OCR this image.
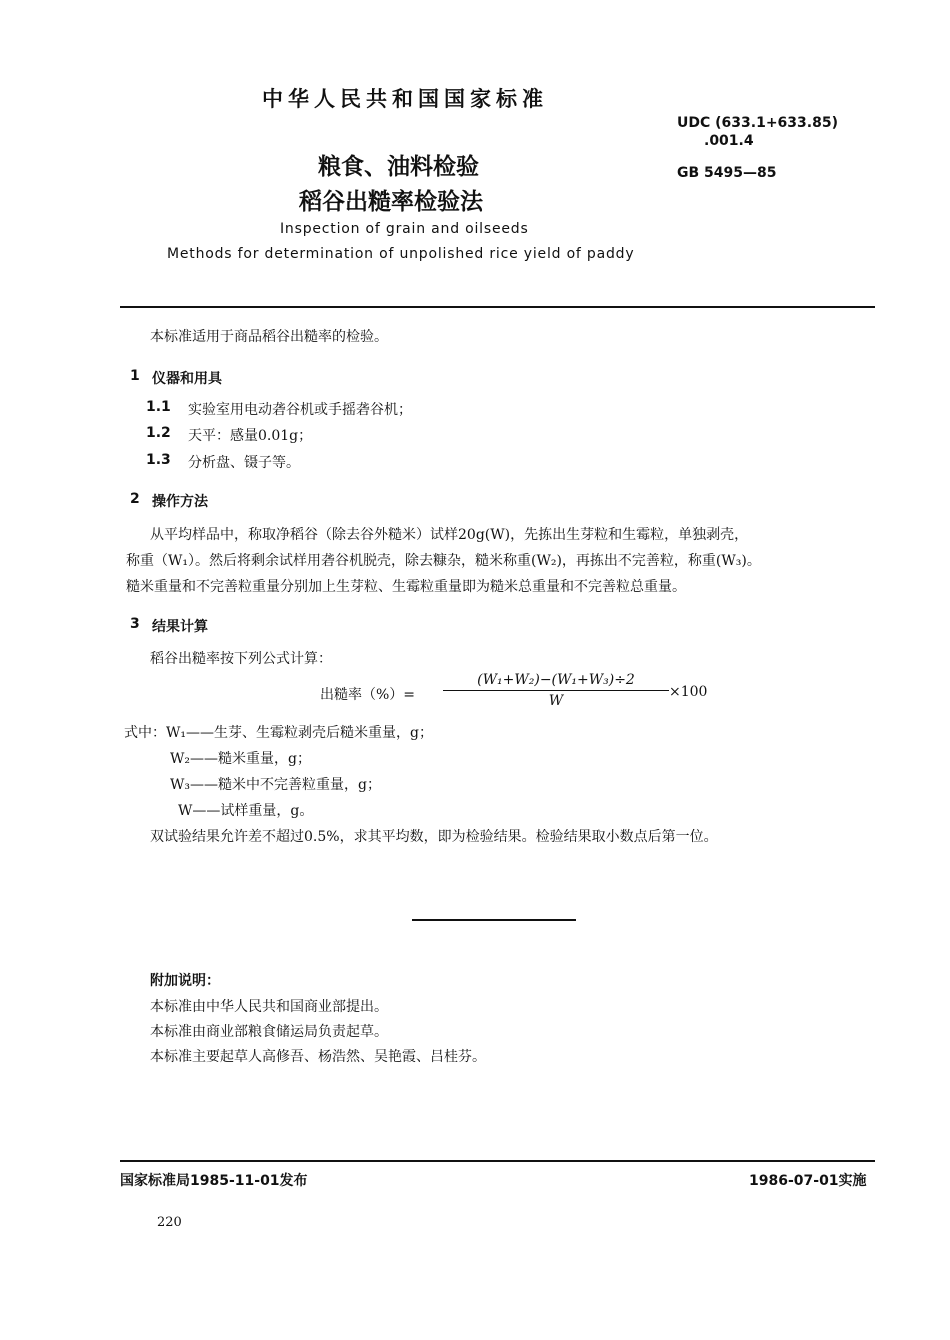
中华人民共和国国家标准
UDC (633.1+633.85)
.001.4
GB 5495—85
粮食、油料检验
稻谷出糙率检验法
Inspection of grain and oilseeds
Methods for determination of unpolished rice yield of paddy
本标准适用于商品稻谷出糙率的检验。
1 仪器和用具
1.1 实验室用电动砻谷机或手摇砻谷机；
1.2 天平：感量0.01g；
1.3 分析盘、镊子等。
2 操作方法
从平均样品中，称取净稻谷（除去谷外糙米）试样20g(W)，先拣出生芽粒和生霉粒，单独剥壳，
称重（W₁）。然后将剩余试样用砻谷机脱壳，除去糠杂，糙米称重(W₂)，再拣出不完善粒，称重(W₃)。
糙米重量和不完善粒重量分别加上生芽粒、生霉粒重量即为糙米总重量和不完善粒总重量。
3 结果计算
稻谷出糙率按下列公式计算：
出糙率（%）=
(W₁+W₂)−(W₁+W₃)÷2
W
×100
式中：W₁——生芽、生霉粒剥壳后糙米重量，g；
W₂——糙米重量，g；
W₃——糙米中不完善粒重量，g；
W——试样重量，g。
双试验结果允许差不超过0.5%，求其平均数，即为检验结果。检验结果取小数点后第一位。
附加说明：
本标准由中华人民共和国商业部提出。
本标准由商业部粮食储运局负责起草。
本标准主要起草人高修吾、杨浩然、吴艳霞、吕桂芬。
国家标准局1985-11-01发布	1986-07-01实施
220
